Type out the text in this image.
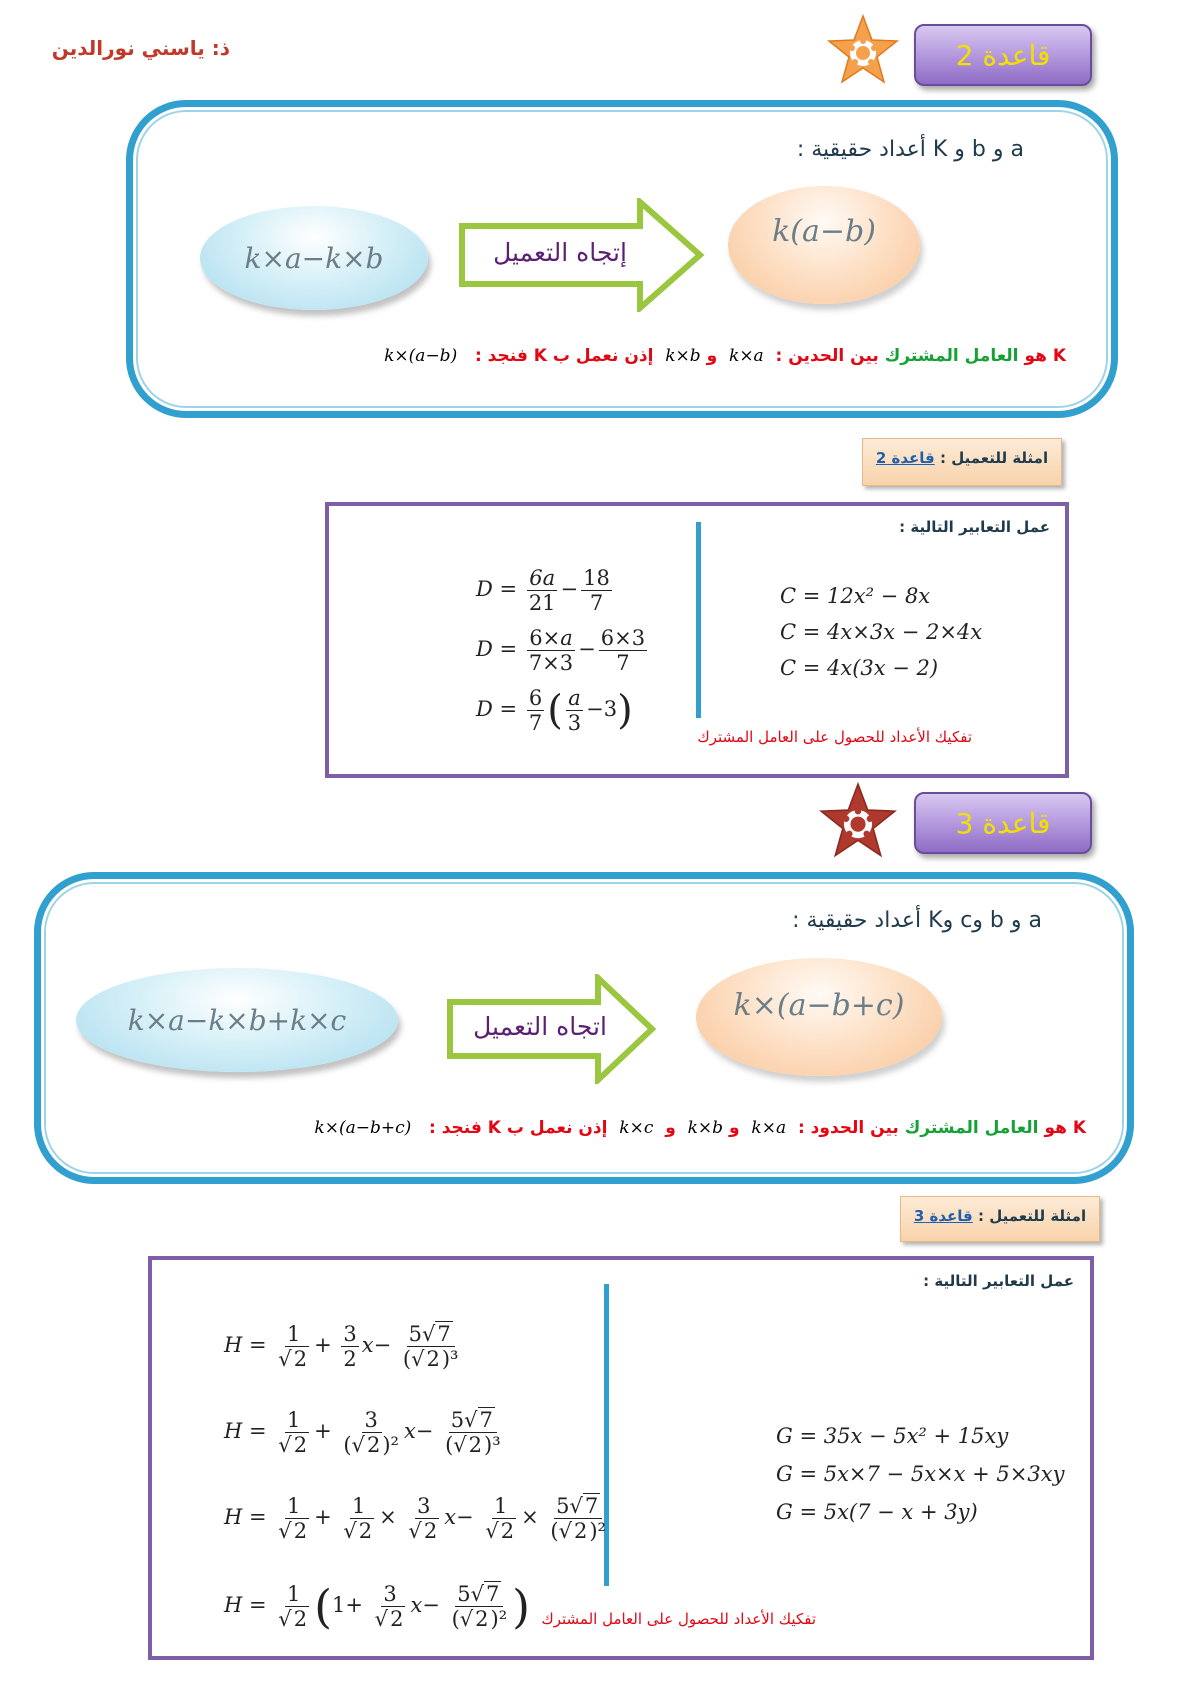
ذ: ياسني نورالدين	قاعدة 2
a و b و K أعداد حقيقية :
k×a−k×b	إتجاه التعميل
k(a−b)
K هو العامل المشترك بين الحدين :  k×a  و k×b  إذن نعمل ب K فنجد :   k×(a−b)
امثلة للتعميل : قاعدة 2
عمل التعابير التالية :
$D = \frac{6a}{21} - \frac{18}{7}$
$D = \frac{6\times a}{7\times 3} - \frac{6\times 3}{7}$
$D = \frac{6}{7}$ ( $\frac{a}{3} -3$)
C = 12x² − 8x
C = 4x×3x − 2×4x
C = 4x(3x − 2)
تفكيك الأعداد للحصول على العامل المشترك
قاعدة 3
a و b وc وK أعداد حقيقية :
k×a−k×b+k×c	اتجاه التعميل
k×(a−b+c)
K هو العامل المشترك بين الحدود :  k×a  و k×b  و  k×c  إذن نعمل ب K فنجد :   k×(a−b+c)
امثلة للتعميل : قاعدة 3
عمل التعابير التالية :
$H = \frac{1}{√2} + \frac{3}{2} x- \frac{5√7}{\text{(√2)³}}$
$H = \frac{1}{√2} + \frac{3}{\text{(√2)²}} x- \frac{5√7}{\text{(√2)³}}$
$H = \frac{1}{√2} + \frac{1}{√2} \times \frac{3}{√2} x- \frac{1}{√2} \times \frac{5√7}{\text{(√2)²}}$
$H = \frac{1}{√2} (1+ \frac{3}{√2} x- \frac{5√7}{\text{(√2)²}}$ )
G = 35x − 5x² + 15xy
G = 5x×7 − 5x×x + 5×3xy
G = 5x(7 − x + 3y)
تفكيك الأعداد للحصول على العامل المشترك
